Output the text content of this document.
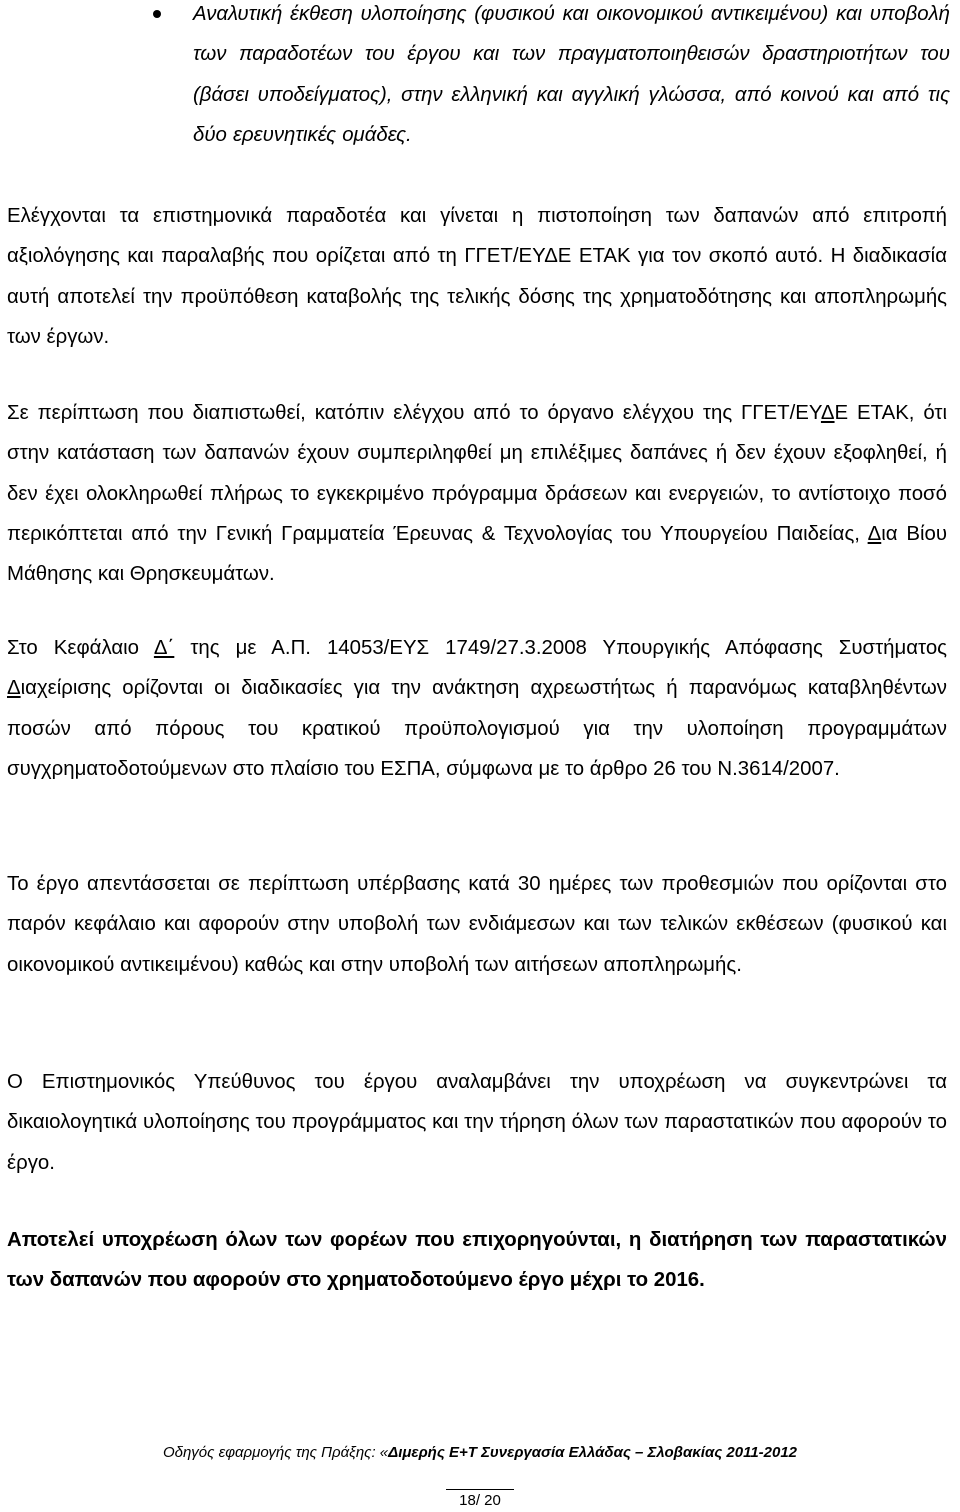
Αναλυτική έκθεση υλοποίησης (φυσικού και οικονομικού αντικειμένου) και υποβολή των παραδοτέων του έργου και των πραγματοποιηθεισών δραστηριοτήτων του (βάσει υποδείγματος), στην ελληνική και αγγλική γλώσσα, από κοινού και από τις δύο ερευνητικές ομάδες.

Ελέγχονται τα επιστημονικά παραδοτέα και γίνεται η πιστοποίηση των δαπανών από επιτροπή αξιολόγησης και παραλαβής που ορίζεται από τη ΓΓΕΤ/ΕΥΔΕ ΕΤΑΚ για τον σκοπό αυτό. Η διαδικασία αυτή αποτελεί την προϋπόθεση καταβολής της τελικής δόσης της χρηματοδότησης και αποπληρωμής των έργων.

Σε περίπτωση που διαπιστωθεί, κατόπιν ελέγχου από το όργανο ελέγχου της ΓΓΕΤ/ΕΥΔΕ ΕΤΑΚ, ότι στην κατάσταση των δαπανών έχουν συμπεριληφθεί μη επιλέξιμες δαπάνες ή δεν έχουν εξοφληθεί, ή δεν έχει ολοκληρωθεί πλήρως το εγκεκριμένο πρόγραμμα δράσεων και ενεργειών, το αντίστοιχο ποσό περικόπτεται από την Γενική Γραμματεία Έρευνας & Τεχνολογίας του Υπουργείου Παιδείας, Δια Βίου Μάθησης και Θρησκευμάτων.

Στο Κεφάλαιο Δ΄ της με Α.Π. 14053/ΕΥΣ 1749/27.3.2008 Υπουργικής Απόφασης Συστήματος Διαχείρισης ορίζονται οι διαδικασίες για την ανάκτηση αχρεωστήτως ή παρανόμως καταβληθέντων ποσών από πόρους του κρατικού προϋπολογισμού για την υλοποίηση προγραμμάτων συγχρηματοδοτούμενων στο πλαίσιο του ΕΣΠΑ, σύμφωνα με το άρθρο 26 του Ν.3614/2007.

Το έργο απεντάσσεται σε περίπτωση υπέρβασης κατά 30 ημέρες των προθεσμιών που ορίζονται στο παρόν κεφάλαιο και αφορούν στην υποβολή των ενδιάμεσων και των τελικών εκθέσεων (φυσικού και οικονομικού αντικειμένου) καθώς και στην υποβολή των αιτήσεων αποπληρωμής.

Ο Επιστημονικός Υπεύθυνος του έργου αναλαμβάνει την υποχρέωση να συγκεντρώνει τα δικαιολογητικά υλοποίησης του προγράμματος και την τήρηση όλων των παραστατικών που αφορούν το έργο.

Αποτελεί υποχρέωση όλων των φορέων που επιχορηγούνται, η διατήρηση των παραστατικών των δαπανών που αφορούν στο χρηματοδοτούμενο έργο μέχρι το 2016.

Οδηγός εφαρμογής της Πράξης: «Διμερής Ε+Τ Συνεργασία Ελλάδας – Σλοβακίας 2011-2012
18/ 20
